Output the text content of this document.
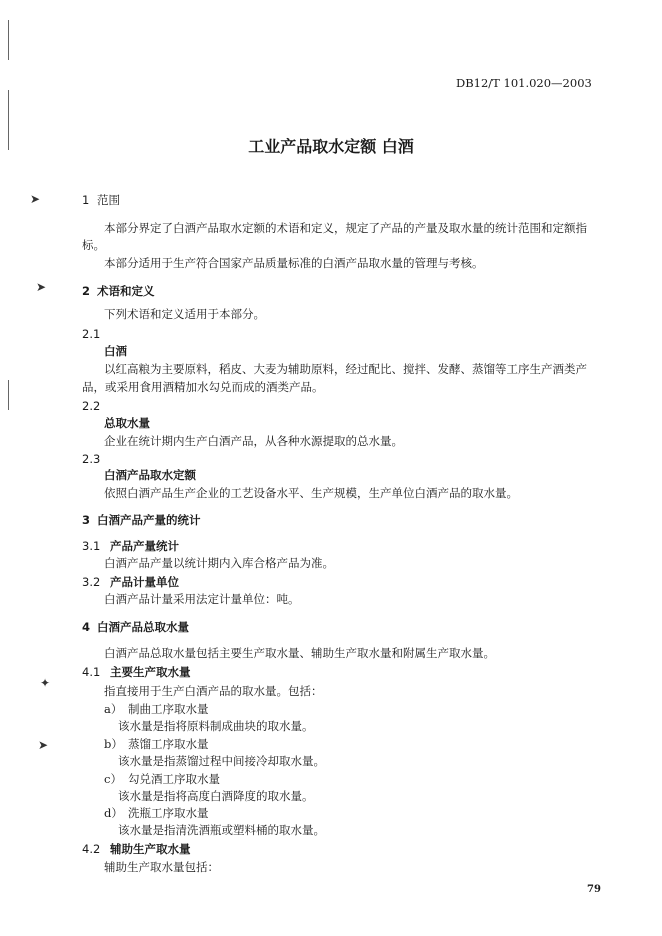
➤
➤
✦
➤
DB12/T 101.020—2003
工业产品取水定额 白酒
1 范围
本部分界定了白酒产品取水定额的术语和定义，规定了产品的产量及取水量的统计范围和定额指
标。
本部分适用于生产符合国家产品质量标准的白酒产品取水量的管理与考核。
2 术语和定义
下列术语和定义适用于本部分。
2.1
白酒
以红高粮为主要原料，稻皮、大麦为辅助原料，经过配比、搅拌、发酵、蒸馏等工序生产酒类产
品，或采用食用酒精加水勾兑而成的酒类产品。
2.2
总取水量
企业在统计期内生产白酒产品，从各种水源提取的总水量。
2.3
白酒产品取水定额
依照白酒产品生产企业的工艺设备水平、生产规模，生产单位白酒产品的取水量。
3 白酒产品产量的统计
3.1 产品产量统计
白酒产品产量以统计期内入库合格产品为准。
3.2 产品计量单位
白酒产品计量采用法定计量单位：吨。
4 白酒产品总取水量
白酒产品总取水量包括主要生产取水量、辅助生产取水量和附属生产取水量。
4.1 主要生产取水量
指直接用于生产白酒产品的取水量。包括：
a） 制曲工序取水量
该水量是指将原料制成曲块的取水量。
b） 蒸馏工序取水量
该水量是指蒸馏过程中间接冷却取水量。
c） 勾兑酒工序取水量
该水量是指将高度白酒降度的取水量。
d） 洗瓶工序取水量
该水量是指清洗酒瓶或塑料桶的取水量。
4.2 辅助生产取水量
辅助生产取水量包括：
79
